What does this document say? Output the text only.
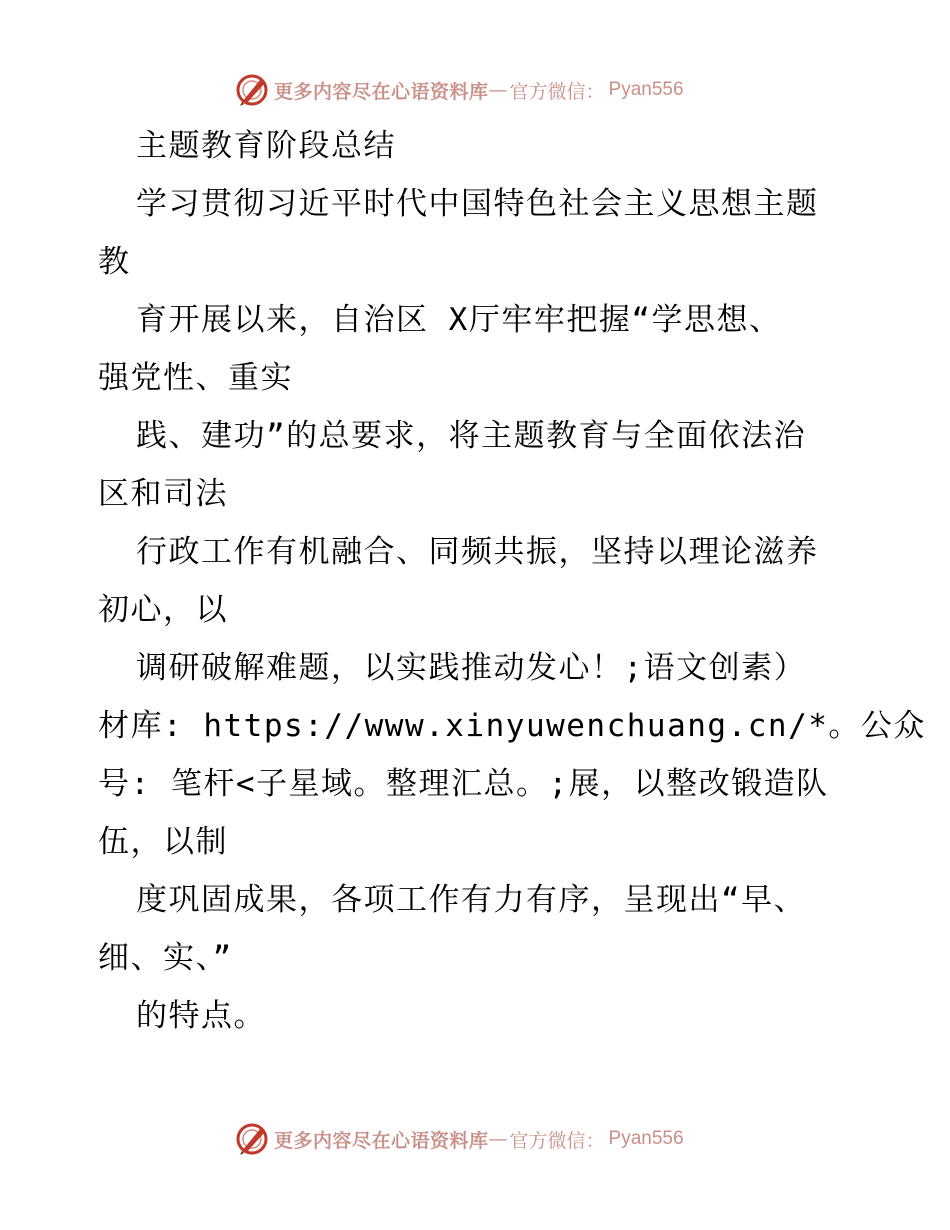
更多内容尽在心语资料库 — 官方微信： Pyan556
主题教育阶段总结
学习贯彻习近平时代中国特色社会主义思想主题
教
育开展以来，自治区 X厅牢牢把握“学思想、
强党性、重实
践、建功”的总要求，将主题教育与全面依法治
区和司法
行政工作有机融合、同频共振，坚持以理论滋养
初心，以
调研破解难题，以实践推动发心！;语文创素）
材库: https://www.xinyuwenchuang.cn/*。公众
号: 笔杆<子星域。整理汇总。;展，以整改锻造队
伍，以制
度巩固成果，各项工作有力有序，呈现出“早、
细、实、”
的特点。
更多内容尽在心语资料库 — 官方微信： Pyan556
